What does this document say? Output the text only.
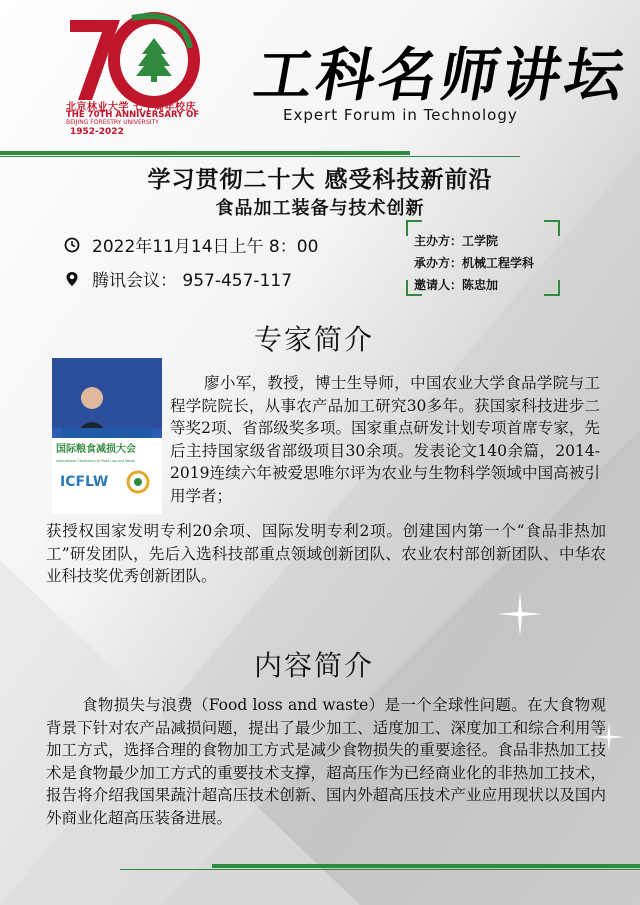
北京林业大学 七十周年校庆
THE 70TH ANNIVERSARY OF
BEIJING FORESTRY UNIVERSITY
1952-2022
工科名师讲坛
Expert Forum in Technology
学习贯彻二十大 感受科技新前沿
食品加工装备与技术创新
2022年11月14日上午 8：00
腾讯会议： 957-457-117
主办方：工学院
承办方：机械工程学科
邀请人：陈忠加
专家简介
国际粮食减损大会
International Conference on Food Loss and Waste
ICFLW
廖小军，教授，博士生导师，中国农业大学食品学院与工程学院院长，从事农产品加工研究30多年。获国家科技进步二等奖2项、省部级奖多项。国家重点研发计划专项首席专家，先后主持国家级省部级项目30余项。发表论文140余篇，2014-2019连续六年被爱思唯尔评为农业与生物科学领域中国高被引用学者；
获授权国家发明专利20余项、国际发明专利2项。创建国内第一个“食品非热加工”研发团队，先后入选科技部重点领域创新团队、农业农村部创新团队、中华农业科技奖优秀创新团队。
内容简介
食物损失与浪费（Food loss and waste）是一个全球性问题。在大食物观背景下针对农产品减损问题，提出了最少加工、适度加工、深度加工和综合利用等加工方式，选择合理的食物加工方式是减少食物损失的重要途径。食品非热加工技术是食物最少加工方式的重要技术支撑，超高压作为已经商业化的非热加工技术，报告将介绍我国果蔬汁超高压技术创新、国内外超高压技术产业应用现状以及国内外商业化超高压装备进展。
